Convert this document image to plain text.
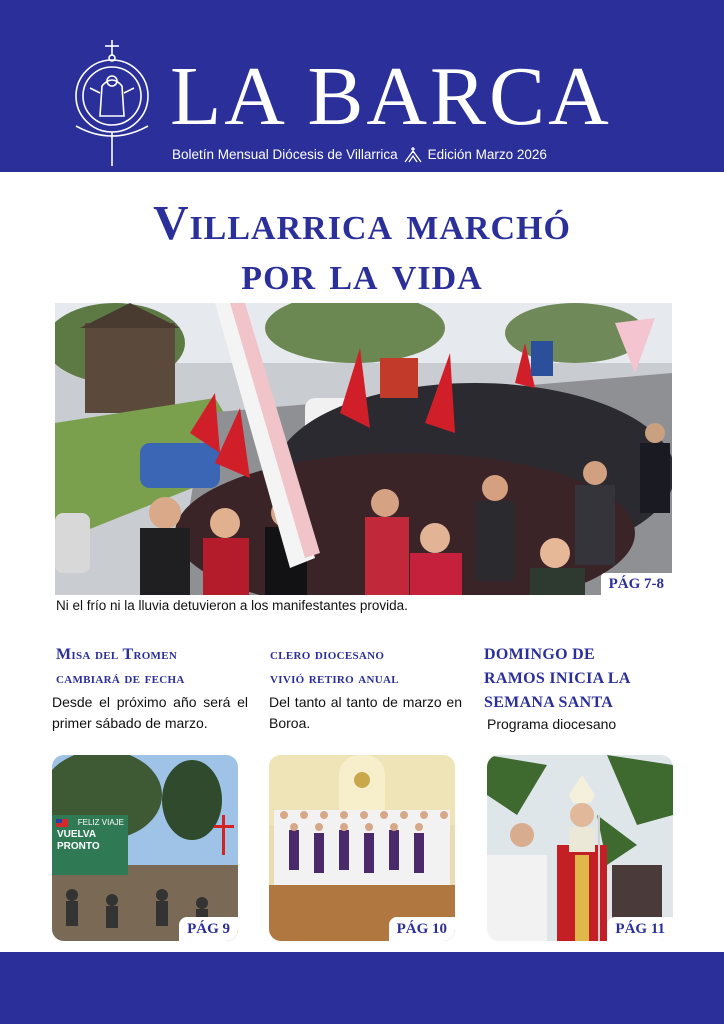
LA BARCA
Boletín Mensual Diócesis de Villarrica Edición Marzo 2026
Villarrica marchó
por la vida
PÁG 7-8
Ni el frío ni la lluvia detuvieron a los manifestantes provida.
Misa del Tromen
cambiará de fecha
Desde el próximo año será el primer sábado de marzo.
clero diocesano
vivió retiro anual
Del tanto al tanto de marzo en Boroa.
DOMINGO DE
RAMOS INICIA LA
SEMANA SANTA
Programa diocesano
FELIZ VIAJE
VUELVA PRONTO
PÁG 9	PÁG 10	PÁG 11
